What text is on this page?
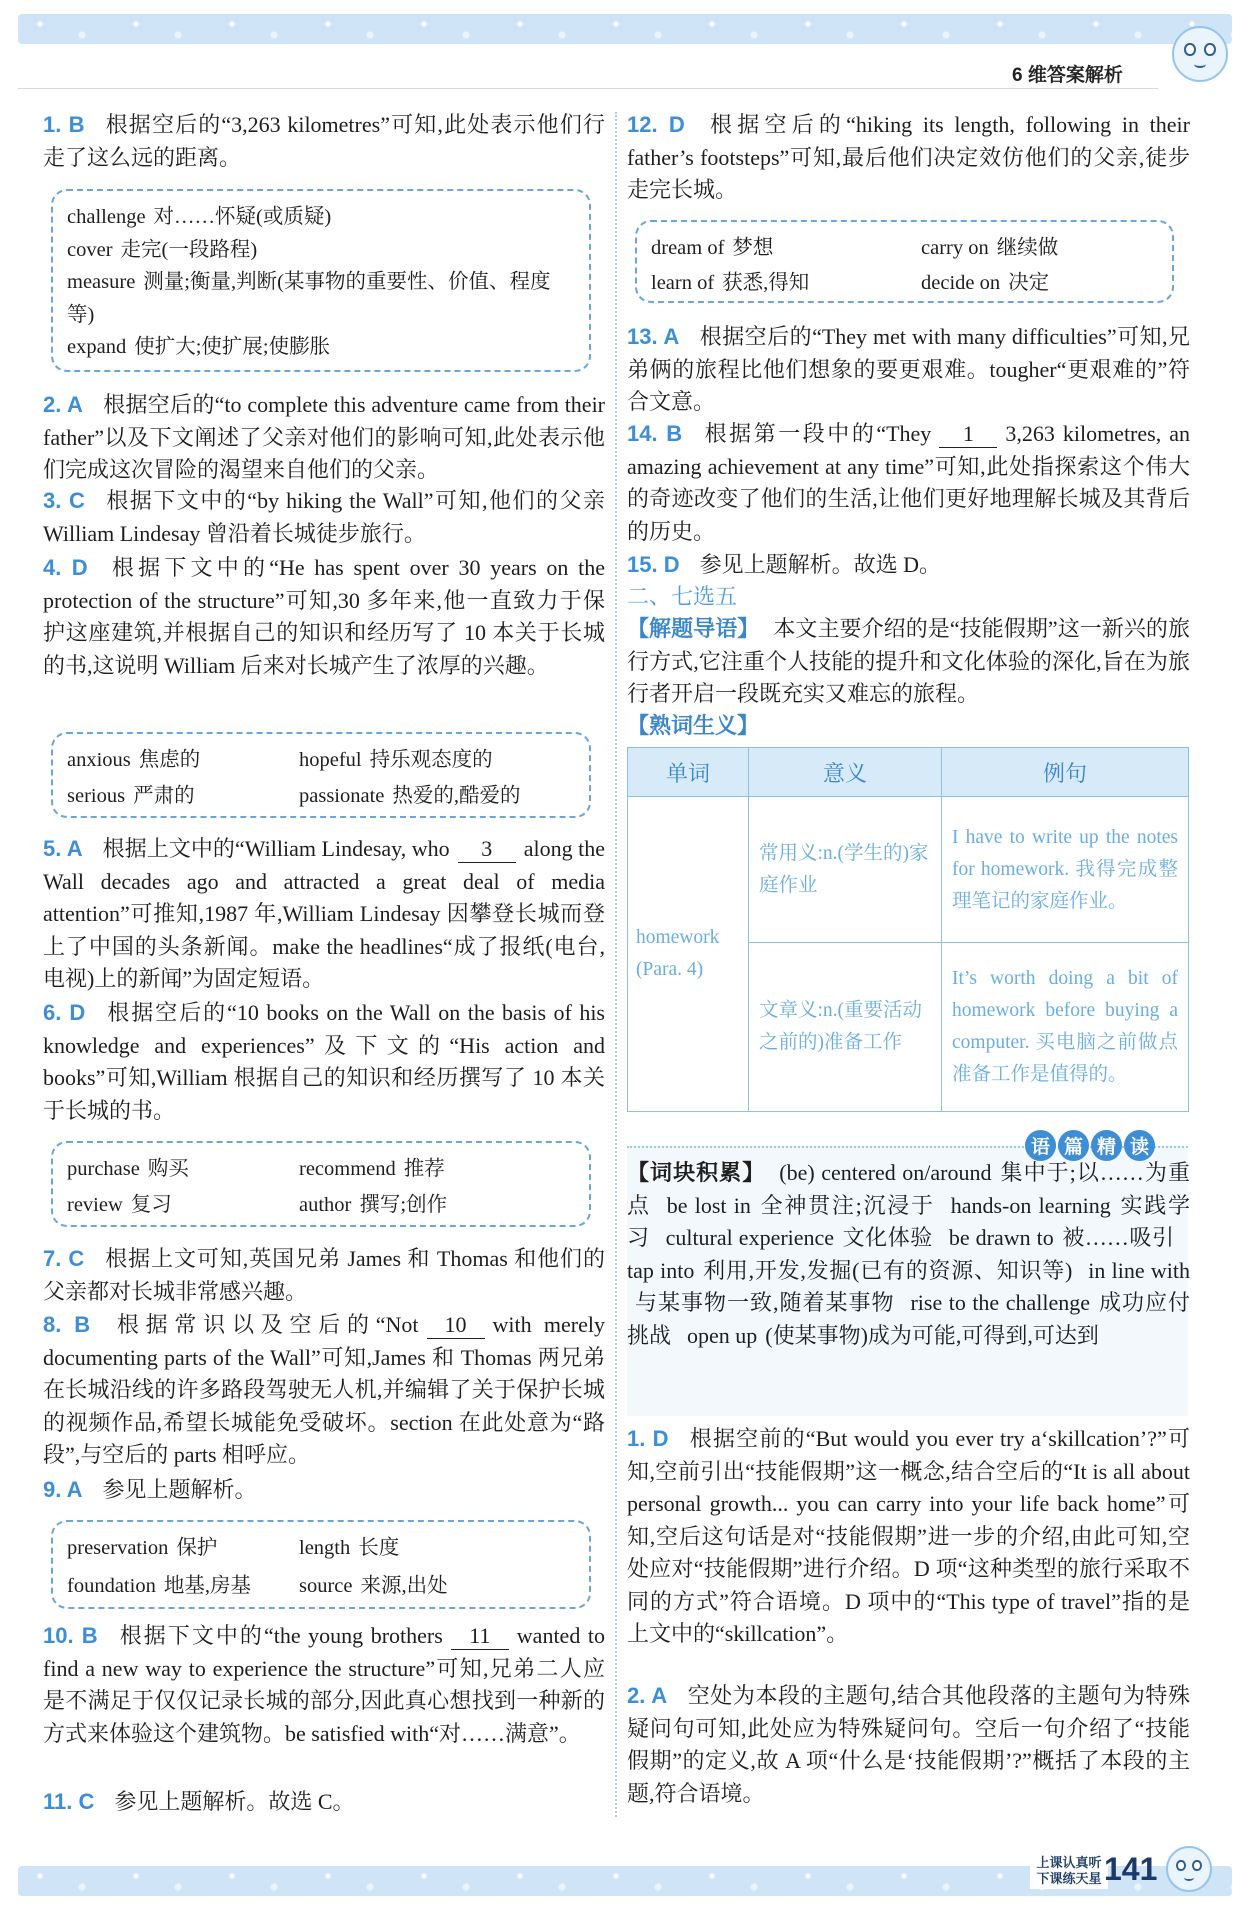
6 维答案解析

1. B 根据空后的“3,263 kilometres”可知,此处表示他们行走了这么远的距离。

challenge 对……怀疑(或质疑)
cover 走完(一段路程)
measure 测量;衡量,判断(某事物的重要性、价值、程度等)
expand 使扩大;使扩展;使膨胀

2. A 根据空后的“to complete this adventure came from their father”以及下文阐述了父亲对他们的影响可知,此处表示他们完成这次冒险的渴望来自他们的父亲。

3. C 根据下文中的“by hiking the Wall”可知,他们的父亲 William Lindesay 曾沿着长城徒步旅行。

4. D 根据下文中的“He has spent over 30 years on the protection of the structure”可知,30 多年来,他一直致力于保护这座建筑,并根据自己的知识和经历写了 10 本关于长城的书,这说明 William 后来对长城产生了浓厚的兴趣。

anxious 焦虑的	hopeful 持乐观态度的
serious 严肃的	passionate 热爱的,酷爱的

5. A 根据上文中的“William Lindesay, who 3 along the Wall decades ago and attracted a great deal of media attention”可推知,1987 年,William Lindesay 因攀登长城而登上了中国的头条新闻。make the headlines“成了报纸(电台,电视)上的新闻”为固定短语。

6. D 根据空后的“10 books on the Wall on the basis of his knowledge and experiences”及下文的“His action and books”可知,William 根据自己的知识和经历撰写了 10 本关于长城的书。

purchase 购买	recommend 推荐
review 复习	author 撰写;创作

7. C 根据上文可知,英国兄弟 James 和 Thomas 和他们的父亲都对长城非常感兴趣。

8. B 根据常识以及空后的“Not 10 with merely documenting parts of the Wall”可知,James 和 Thomas 两兄弟在长城沿线的许多路段驾驶无人机,并编辑了关于保护长城的视频作品,希望长城能免受破坏。section 在此处意为“路段”,与空后的 parts 相呼应。

9. A 参见上题解析。

preservation 保护	length 长度
foundation 地基,房基	source 来源,出处

10. B 根据下文中的“the young brothers 11 wanted to find a new way to experience the structure”可知,兄弟二人应是不满足于仅仅记录长城的部分,因此真心想找到一种新的方式来体验这个建筑物。be satisfied with“对……满意”。

11. C 参见上题解析。故选 C。

12. D 根据空后的“hiking its length, following in their father’s footsteps”可知,最后他们决定效仿他们的父亲,徒步走完长城。

dream of 梦想	carry on 继续做
learn of 获悉,得知	decide on 决定

13. A 根据空后的“They met with many difficulties”可知,兄弟俩的旅程比他们想象的要更艰难。tougher“更艰难的”符合文意。

14. B 根据第一段中的“They 1 3,263 kilometres, an amazing achievement at any time”可知,此处指探索这个伟大的奇迹改变了他们的生活,让他们更好地理解长城及其背后的历史。

15. D 参见上题解析。故选 D。

二、七选五

【解题导语】 本文主要介绍的是“技能假期”这一新兴的旅行方式,它注重个人技能的提升和文化体验的深化,旨在为旅行者开启一段既充实又难忘的旅程。

【熟词生义】

单词	意义	例句

homework
(Para. 4)	常用义:n.(学生的)家庭作业	I have to write up the notes for homework. 我得完成整理笔记的家庭作业。
	文章义:n.(重要活动之前的)准备工作	It’s worth doing a bit of homework before buying a computer. 买电脑之前做点准备工作是值得的。
语 篇 精 读

【词块积累】 (be) centered on/around 集中于;以……为重点 be lost in 全神贯注;沉浸于 hands-on learning 实践学习 cultural experience 文化体验 be drawn to 被……吸引tap into 利用,开发,发掘(已有的资源、知识等) in line with与某事物一致,随着某事物 rise to the challenge 成功应付挑战 open up (使某事物)成为可能,可得到,可达到

1. D 根据空前的“But would you ever try a‘skillcation’?”可知,空前引出“技能假期”这一概念,结合空后的“It is all about personal growth... you can carry into your life back home”可知,空后这句话是对“技能假期”进一步的介绍,由此可知,空处应对“技能假期”进行介绍。D 项“这种类型的旅行采取不同的方式”符合语境。D 项中的“This type of travel”指的是上文中的“skillcation”。

2. A 空处为本段的主题句,结合其他段落的主题句为特殊疑问句可知,此处应为特殊疑问句。空后一句介绍了“技能假期”的定义,故 A 项“什么是‘技能假期’?”概括了本段的主题,符合语境。

上课认真听
下课练天星 141
